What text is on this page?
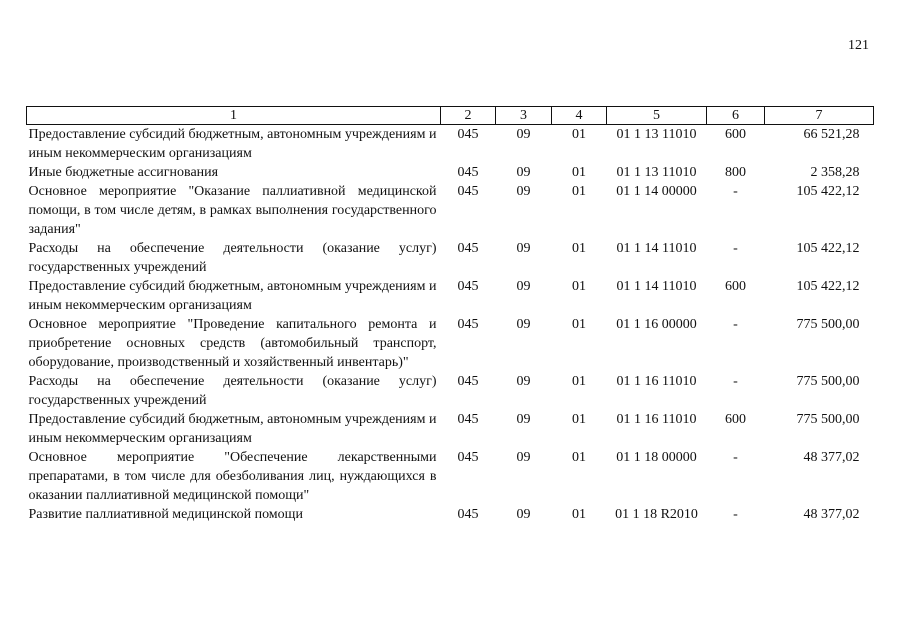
121
1	2	3	4	5	6	7
Предоставление субсидий бюджетным, автономным учреждениям и иным некоммерческим организациям	045	09	01	01 1 13 11010	600	66 521,28
Иные бюджетные ассигнования	045	09	01	01 1 13 11010	800	2 358,28
Основное мероприятие "Оказание паллиативной медицинской помощи, в том числе детям, в рамках выполнения государственного задания"	045	09	01	01 1 14 00000	-	105 422,12
Расходы на обеспечение деятельности (оказание услуг) государственных учреждений	045	09	01	01 1 14 11010	-	105 422,12
Предоставление субсидий бюджетным, автономным учреждениям и иным некоммерческим организациям	045	09	01	01 1 14 11010	600	105 422,12
Основное мероприятие "Проведение капитального ремонта и приобретение основных средств (автомобильный транспорт, оборудование, производственный и хозяйственный инвентарь)"	045	09	01	01 1 16 00000	-	775 500,00
Расходы на обеспечение деятельности (оказание услуг) государственных учреждений	045	09	01	01 1 16 11010	-	775 500,00
Предоставление субсидий бюджетным, автономным учреждениям и иным некоммерческим организациям	045	09	01	01 1 16 11010	600	775 500,00
Основное мероприятие "Обеспечение лекарственными препаратами, в том числе для обезболивания лиц, нуждающихся в оказании паллиативной медицинской помощи"	045	09	01	01 1 18 00000	-	48 377,02
Развитие паллиативной медицинской помощи	045	09	01	01 1 18 R2010	-	48 377,02
